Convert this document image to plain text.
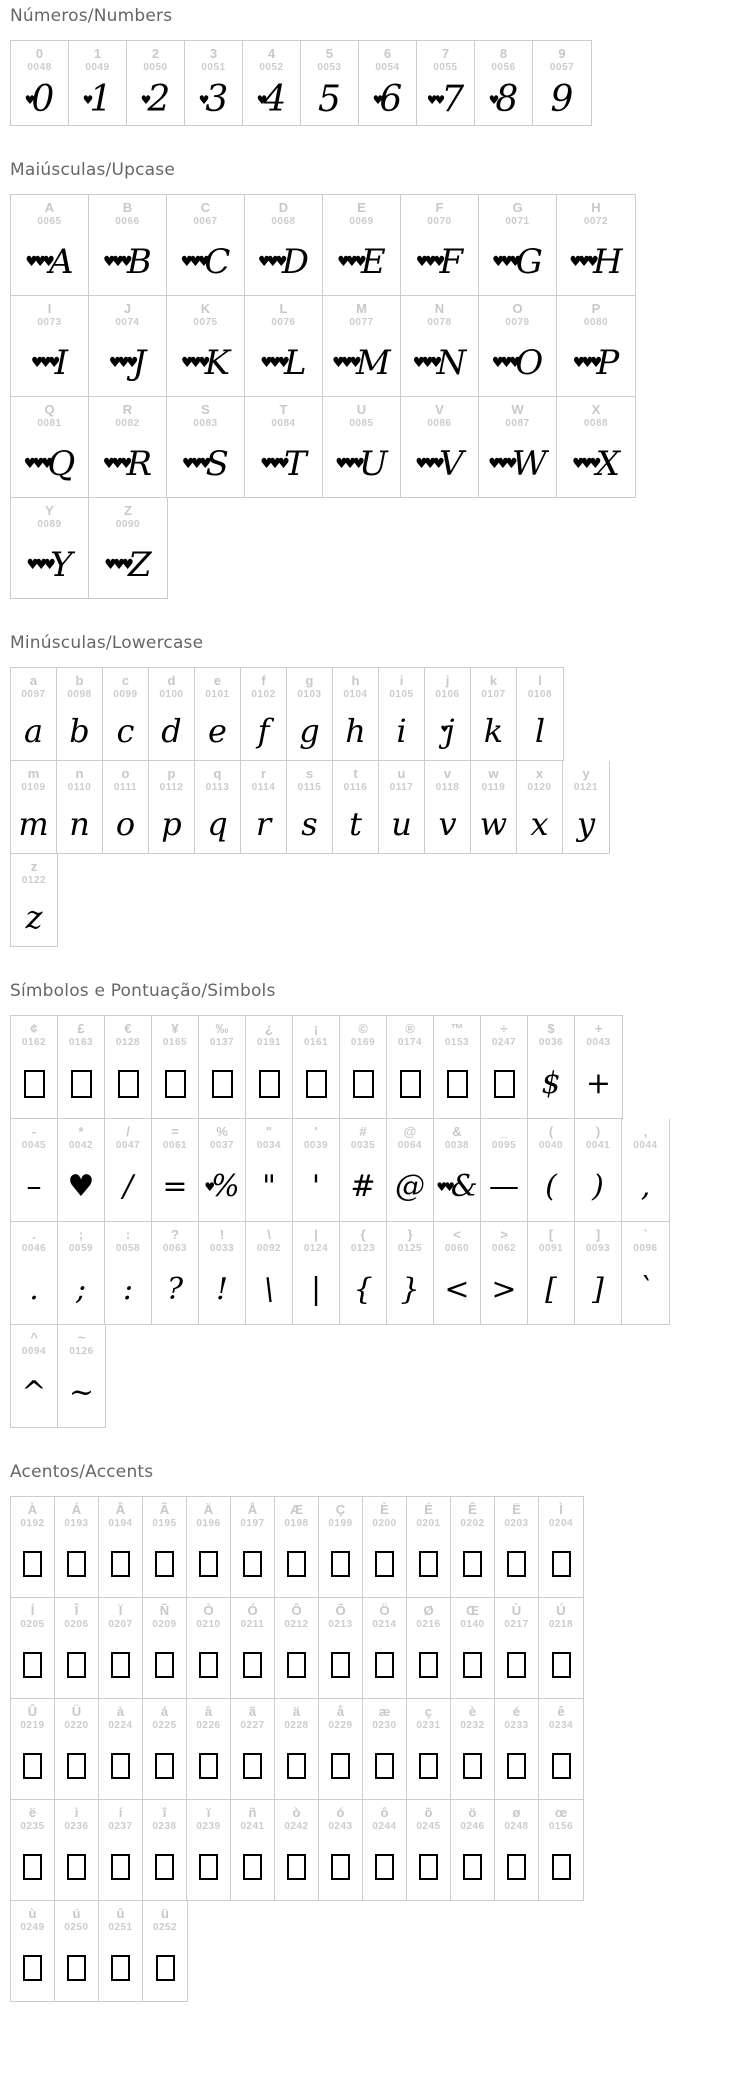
Números/Numbers
0
0048
♥ 0
1
0049
♥ 1
2
0050
♥ 2
3
0051
♥ 3
4
0052
♥ 4
5
0053
5
6
0054
♥ 6
7
0055
♥♥ 7
8
0056
♥ 8
9
0057
9
Maiúsculas/Upcase
A
0065
♥♥♥
A
B
0066
♥♥♥
B
C
0067
♥♥♥
C
D
0068
♥♥♥
D
E
0069
♥♥♥
E
F
0070
♥♥♥
F
G
0071
♥♥♥
G
H
0072
♥♥♥
H
I
0073
♥♥♥
I
J
0074
♥♥♥
J
K
0075
♥♥♥
K
L
0076
♥♥♥
L
M
0077
♥♥♥
M
N
0078
♥♥♥
N
O
0079
♥♥♥
O
P
0080
♥♥♥
P
Q
0081
♥♥♥
Q
R
0082
♥♥♥
R
S
0083
♥♥♥
S
T
0084
♥♥♥
T
U
0085
♥♥♥
U
V
0086
♥♥♥
V
W
0087
♥♥♥
W
X
0088
♥♥♥
X
Y
0089
♥♥♥
Y
Z
0090
♥♥♥
Z
Minúsculas/Lowercase
a
0097
a
b
0098
b
c
0099
c
d
0100
d
e
0101
e
f
0102
f
g
0103
g
h
0104
h
i
0105
i
j
0106
♥ j
k
0107
k
l
0108
l
m
0109
m
n
0110
n
o
0111
o
p
0112
p
q
0113
q
r
0114
r
s
0115
s
t
0116
t
u
0117
u
v
0118
v
w
0119
w
x
0120
x
y
0121
y
z
0122
z
Símbolos e Pontuação/Simbols
¢
0162
£
0163
€
0128
¥
0165
‰
0137
¿
0191
¡
0161
©
0169
®
0174
™
0153
÷
0247
$
0036
$
+
0043
+
-
0045
–
*
0042
♥
/
0047
/
=
0061
=
%
0037
♥ %
"
0034
"
'
0039
'
#
0035
#
@
0064
@
&
0038
♥♥ &
_
0095
—
(
0040
(
)
0041
)
,
0044
,
.
0046
.
;
0059
;
:
0058
:
?
0063
?
!
0033
!
\
0092
\
|
0124
|
{
0123
{
}
0125
}
<
0060
<
>
0062
>
[
0091
[
]
0093
]
`
0096
`
^
0094
^
~
0126
~
Acentos/Accents
À
0192
Á
0193
Â
0194
Ã
0195
Ä
0196
Å
0197
Æ
0198
Ç
0199
È
0200
É
0201
Ê
0202
Ë
0203
Ì
0204
Í
0205
Î
0206
Ï
0207
Ñ
0209
Ò
0210
Ó
0211
Ô
0212
Õ
0213
Ö
0214
Ø
0216
Œ
0140
Ù
0217
Ú
0218
Û
0219
Ü
0220
à
0224
á
0225
â
0226
ã
0227
ä
0228
å
0229
æ
0230
ç
0231
è
0232
é
0233
ê
0234
ë
0235
ì
0236
í
0237
î
0238
ï
0239
ñ
0241
ò
0242
ó
0243
ô
0244
õ
0245
ö
0246
ø
0248
œ
0156
ù
0249
ú
0250
û
0251
ü
0252
